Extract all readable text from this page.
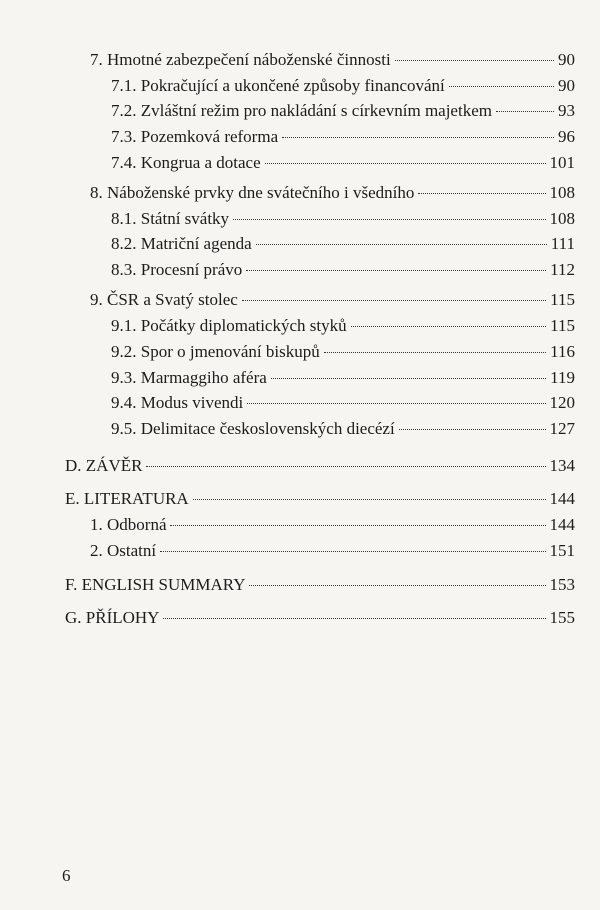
7. Hmotné zabezpečení náboženské činnosti	90
7.1. Pokračující a ukončené způsoby financování	90
7.2. Zvláštní režim pro nakládání s církevním majetkem	93
7.3. Pozemková reforma	96
7.4. Kongrua a dotace	101
8. Náboženské prvky dne svátečního i všedního	108
8.1. Státní svátky	108
8.2. Matriční agenda	111
8.3. Procesní právo	112
9. ČSR a Svatý stolec	115
9.1. Počátky diplomatických styků	115
9.2. Spor o jmenování biskupů	116
9.3. Marmaggiho aféra	119
9.4. Modus vivendi	120
9.5. Delimitace československých diecézí	127
D. ZÁVĚR	134
E. LITERATURA	144
1. Odborná	144
2. Ostatní	151
F. ENGLISH SUMMARY	153
G. PŘÍLOHY	155
6
